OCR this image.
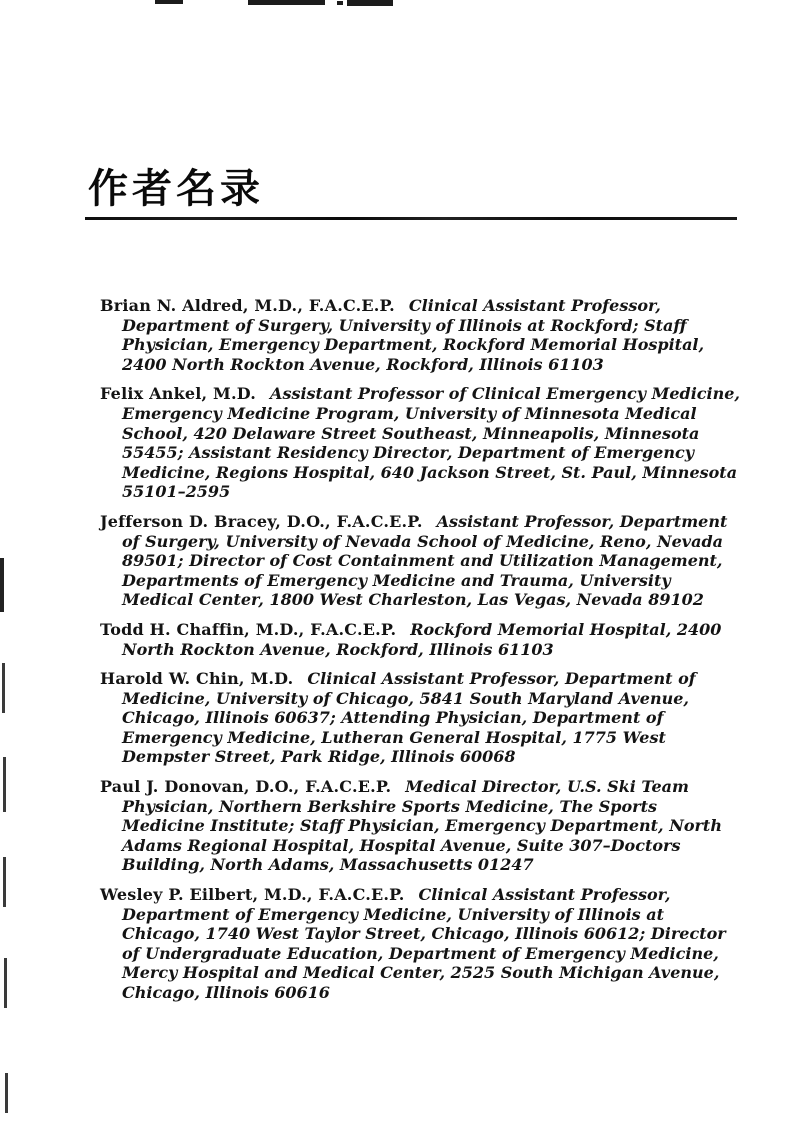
作者名录

Brian N. Aldred, M.D., F.A.C.E.P. Clinical Assistant Professor, Department of Surgery, University of Illinois at Rockford; Staff Physician, Emergency Department, Rockford Memorial Hospital, 2400 North Rockton Avenue, Rockford, Illinois 61103

Felix Ankel, M.D. Assistant Professor of Clinical Emergency Medicine, Emergency Medicine Program, University of Minnesota Medical School, 420 Delaware Street Southeast, Minneapolis, Minnesota 55455; Assistant Residency Director, Department of Emergency Medicine, Regions Hospital, 640 Jackson Street, St. Paul, Minnesota 55101–2595

Jefferson D. Bracey, D.O., F.A.C.E.P. Assistant Professor, Department of Surgery, University of Nevada School of Medicine, Reno, Nevada 89501; Director of Cost Containment and Utilization Management, Departments of Emergency Medicine and Trauma, University Medical Center, 1800 West Charleston, Las Vegas, Nevada 89102

Todd H. Chaffin, M.D., F.A.C.E.P. Rockford Memorial Hospital, 2400 North Rockton Avenue, Rockford, Illinois 61103

Harold W. Chin, M.D. Clinical Assistant Professor, Department of Medicine, University of Chicago, 5841 South Maryland Avenue, Chicago, Illinois 60637; Attending Physician, Department of Emergency Medicine, Lutheran General Hospital, 1775 West Dempster Street, Park Ridge, Illinois 60068

Paul J. Donovan, D.O., F.A.C.E.P. Medical Director, U.S. Ski Team Physician, Northern Berkshire Sports Medicine, The Sports Medicine Institute; Staff Physician, Emergency Department, North Adams Regional Hospital, Hospital Avenue, Suite 307–Doctors Building, North Adams, Massachusetts 01247

Wesley P. Eilbert, M.D., F.A.C.E.P. Clinical Assistant Professor, Department of Emergency Medicine, University of Illinois at Chicago, 1740 West Taylor Street, Chicago, Illinois 60612; Director of Undergraduate Education, Department of Emergency Medicine, Mercy Hospital and Medical Center, 2525 South Michigan Avenue, Chicago, Illinois 60616
